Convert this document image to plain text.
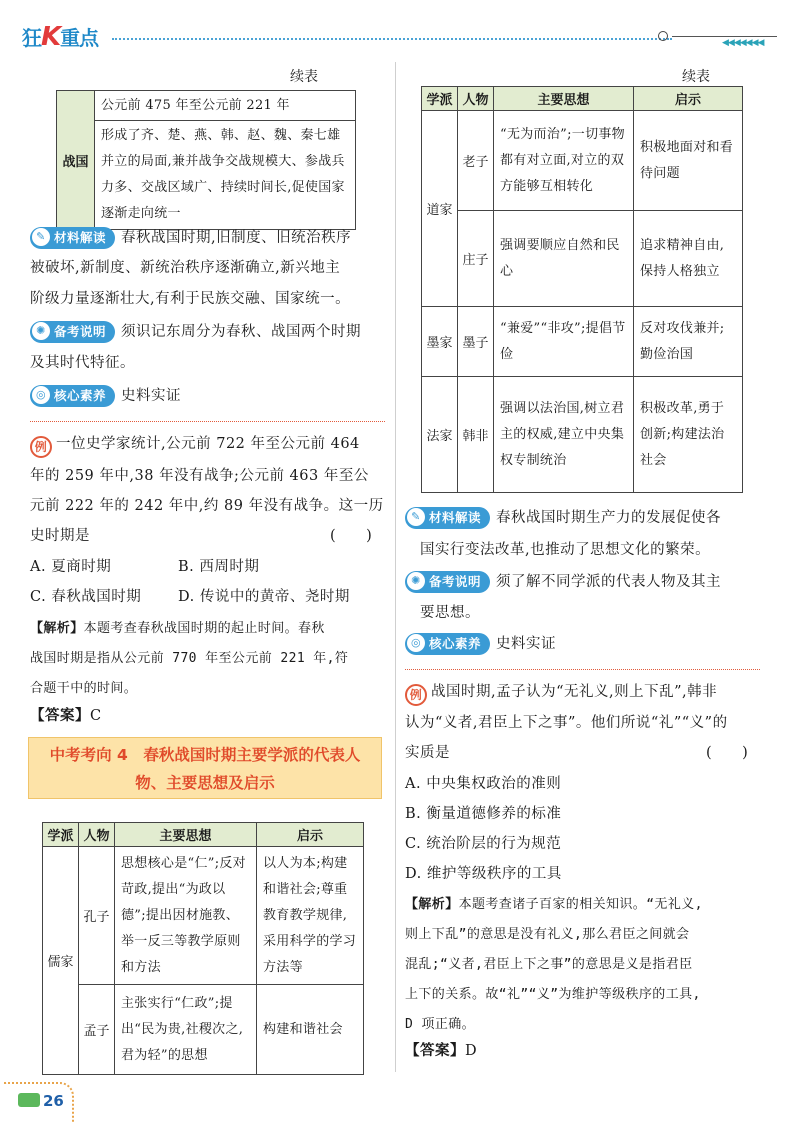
狂K重点	◀◀◀◀◀◀◀
续表
战国	公元前 475 年至公元前 221 年
形成了齐、楚、燕、韩、赵、魏、秦七雄并立的局面,兼并战争交战规模大、参战兵力多、交战区域广、持续时间长,促使国家逐渐走向统一
✎ 材料解读 春秋战国时期,旧制度、旧统治秩序
被破坏,新制度、新统治秩序逐渐确立,新兴地主
阶级力量逐渐壮大,有利于民族交融、国家统一。
✺ 备考说明 须识记东周分为春秋、战国两个时期
及其时代特征。
◎ 核心素养 史料实证
例 一位史学家统计,公元前 722 年至公元前 464
年的 259 年中,38 年没有战争;公元前 463 年至公
元前 222 年的 242 年中,约 89 年没有战争。这一历
史时期是	(　　)
A. 夏商时期	B. 西周时期
C. 春秋战国时期	D. 传说中的黄帝、尧时期
【解析】本题考查春秋战国时期的起止时间。春秋
战国时期是指从公元前 770 年至公元前 221 年,符
合题干中的时间。
【答案】C
中考考向 4　春秋战国时期主要学派的代表人
物、主要思想及启示
学派	人物	主要思想	启示
儒家	孔子	思想核心是“仁”;反对苛政,提出“为政以德”;提出因材施教、举一反三等教学原则和方法	以人为本;构建和谐社会;尊重教育教学规律,采用科学的学习方法等
	孟子	主张实行“仁政”;提出“民为贵,社稷次之,君为轻”的思想	构建和谐社会
续表
学派	人物	主要思想	启示
道家	老子	“无为而治”;一切事物都有对立面,对立的双方能够互相转化	积极地面对和看待问题
	庄子	强调要顺应自然和民心	追求精神自由,保持人格独立
墨家	墨子	“兼爱”“非攻”;提倡节俭	反对攻伐兼并;勤俭治国
法家	韩非	强调以法治国,树立君主的权威,建立中央集权专制统治	积极改革,勇于创新;构建法治社会
✎ 材料解读 春秋战国时期生产力的发展促使各
国实行变法改革,也推动了思想文化的繁荣。
✺ 备考说明 须了解不同学派的代表人物及其主
要思想。
◎ 核心素养 史料实证
例 战国时期,孟子认为“无礼义,则上下乱”,韩非
认为“义者,君臣上下之事”。他们所说“礼”“义”的
实质是	(　　)
A. 中央集权政治的准则
B. 衡量道德修养的标准
C. 统治阶层的行为规范
D. 维护等级秩序的工具
【解析】本题考查诸子百家的相关知识。“无礼义,
则上下乱”的意思是没有礼义,那么君臣之间就会
混乱;“义者,君臣上下之事”的意思是义是指君臣
上下的关系。故“礼”“义”为维护等级秩序的工具,
D 项正确。
【答案】D
26
